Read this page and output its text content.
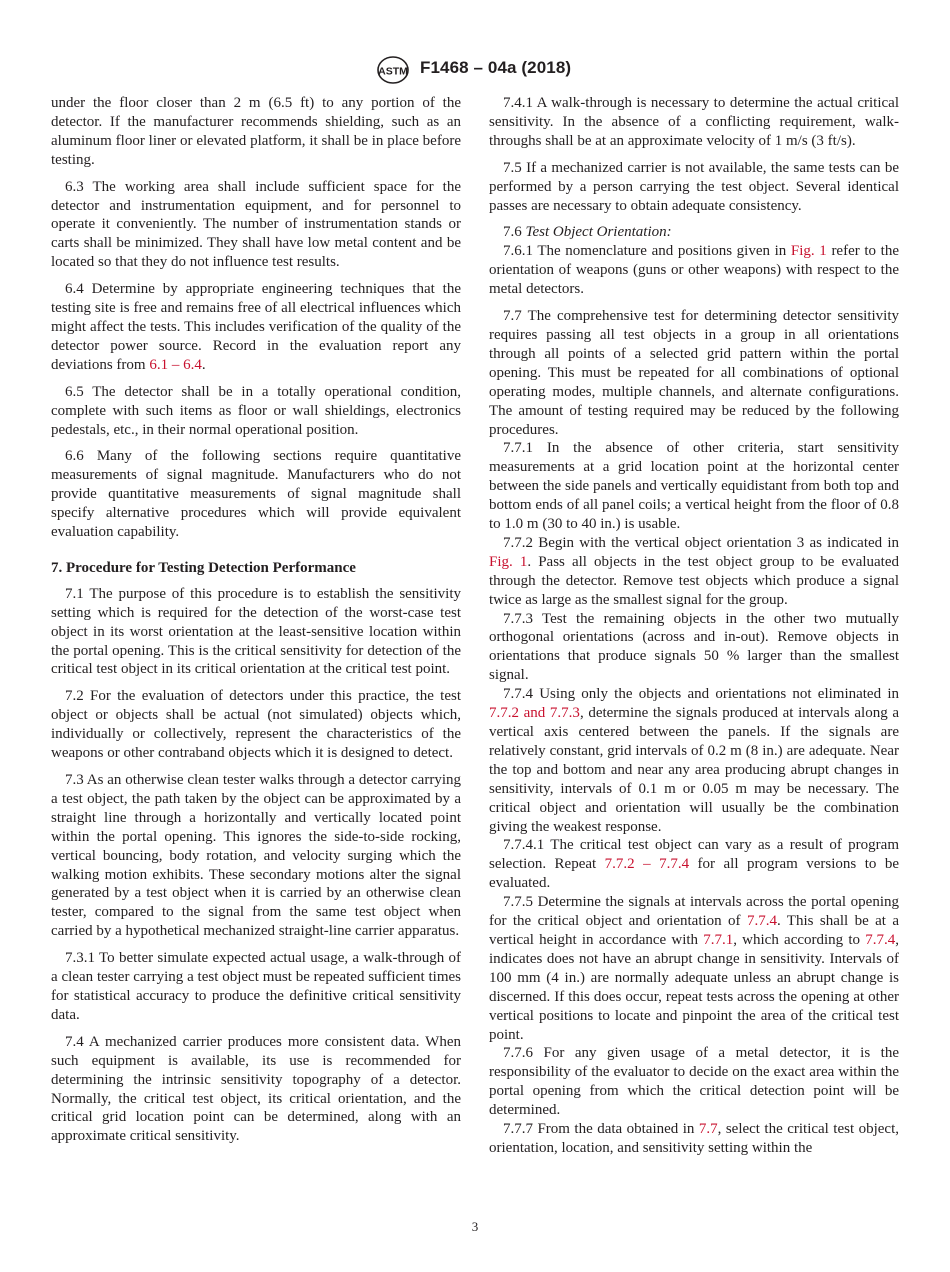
ASTM F1468 – 04a (2018)

under the floor closer than 2 m (6.5 ft) to any portion of the detector. If the manufacturer recommends shielding, such as an aluminum floor liner or elevated platform, it shall be in place before testing.

6.3 The working area shall include sufficient space for the detector and instrumentation equipment, and for personnel to operate it conveniently. The number of instrumentation stands or carts shall be minimized. They shall have low metal content and be located so that they do not influence test results.

6.4 Determine by appropriate engineering techniques that the testing site is free and remains free of all electrical influences which might affect the tests. This includes verification of the quality of the detector power source. Record in the evaluation report any deviations from 6.1 – 6.4.

6.5 The detector shall be in a totally operational condition, complete with such items as floor or wall shieldings, electronics pedestals, etc., in their normal operational position.

6.6 Many of the following sections require quantitative measurements of signal magnitude. Manufacturers who do not provide quantitative measurements of signal magnitude shall specify alternative procedures which will provide equivalent evaluation capability.

7. Procedure for Testing Detection Performance

7.1 The purpose of this procedure is to establish the sensitivity setting which is required for the detection of the worst-case test object in its worst orientation at the least-sensitive location within the portal opening. This is the critical sensitivity for detection of the critical test object in its critical orientation at the critical test point.

7.2 For the evaluation of detectors under this practice, the test object or objects shall be actual (not simulated) objects which, individually or collectively, represent the characteristics of the weapons or other contraband objects which it is designed to detect.

7.3 As an otherwise clean tester walks through a detector carrying a test object, the path taken by the object can be approximated by a straight line through a horizontally and vertically located point within the portal opening. This ignores the side-to-side rocking, vertical bouncing, body rotation, and velocity surging which the walking motion exhibits. These secondary motions alter the signal generated by a test object when it is carried by an otherwise clean tester, compared to the signal from the same test object when carried by a hypothetical mechanized straight-line carrier apparatus.

7.3.1 To better simulate expected actual usage, a walk-through of a clean tester carrying a test object must be repeated sufficient times for statistical accuracy to produce the definitive critical sensitivity data.

7.4 A mechanized carrier produces more consistent data. When such equipment is available, its use is recommended for determining the intrinsic sensitivity topography of a detector. Normally, the critical test object, its critical orientation, and the critical grid location point can be determined, along with an approximate critical sensitivity.

7.4.1 A walk-through is necessary to determine the actual critical sensitivity. In the absence of a conflicting requirement, walk-throughs shall be at an approximate velocity of 1 m/s (3 ft/s).

7.5 If a mechanized carrier is not available, the same tests can be performed by a person carrying the test object. Several identical passes are necessary to obtain adequate consistency.

7.6 Test Object Orientation:

7.6.1 The nomenclature and positions given in Fig. 1 refer to the orientation of weapons (guns or other weapons) with respect to the metal detectors.

7.7 The comprehensive test for determining detector sensitivity requires passing all test objects in a group in all orientations through all points of a selected grid pattern within the portal opening. This must be repeated for all combinations of optional operating modes, multiple channels, and alternate configurations. The amount of testing required may be reduced by the following procedures.

7.7.1 In the absence of other criteria, start sensitivity measurements at a grid location point at the horizontal center between the side panels and vertically equidistant from both top and bottom ends of all panel coils; a vertical height from the floor of 0.8 to 1.0 m (30 to 40 in.) is usable.

7.7.2 Begin with the vertical object orientation 3 as indicated in Fig. 1. Pass all objects in the test object group to be evaluated through the detector. Remove test objects which produce a signal twice as large as the smallest signal for the group.

7.7.3 Test the remaining objects in the other two mutually orthogonal orientations (across and in-out). Remove objects in orientations that produce signals 50 % larger than the smallest signal.

7.7.4 Using only the objects and orientations not eliminated in 7.7.2 and 7.7.3, determine the signals produced at intervals along a vertical axis centered between the panels. If the signals are relatively constant, grid intervals of 0.2 m (8 in.) are adequate. Near the top and bottom and near any area producing abrupt changes in sensitivity, intervals of 0.1 m or 0.05 m may be necessary. The critical object and orientation will usually be the combination giving the weakest response.

7.7.4.1 The critical test object can vary as a result of program selection. Repeat 7.7.2 – 7.7.4 for all program versions to be evaluated.

7.7.5 Determine the signals at intervals across the portal opening for the critical object and orientation of 7.7.4. This shall be at a vertical height in accordance with 7.7.1, which according to 7.7.4, indicates does not have an abrupt change in sensitivity. Intervals of 100 mm (4 in.) are normally adequate unless an abrupt change is discerned. If this does occur, repeat tests across the opening at other vertical positions to locate and pinpoint the area of the critical test point.

7.7.6 For any given usage of a metal detector, it is the responsibility of the evaluator to decide on the exact area within the portal opening from which the critical detection point will be determined.

7.7.7 From the data obtained in 7.7, select the critical test object, orientation, location, and sensitivity setting within the

3
